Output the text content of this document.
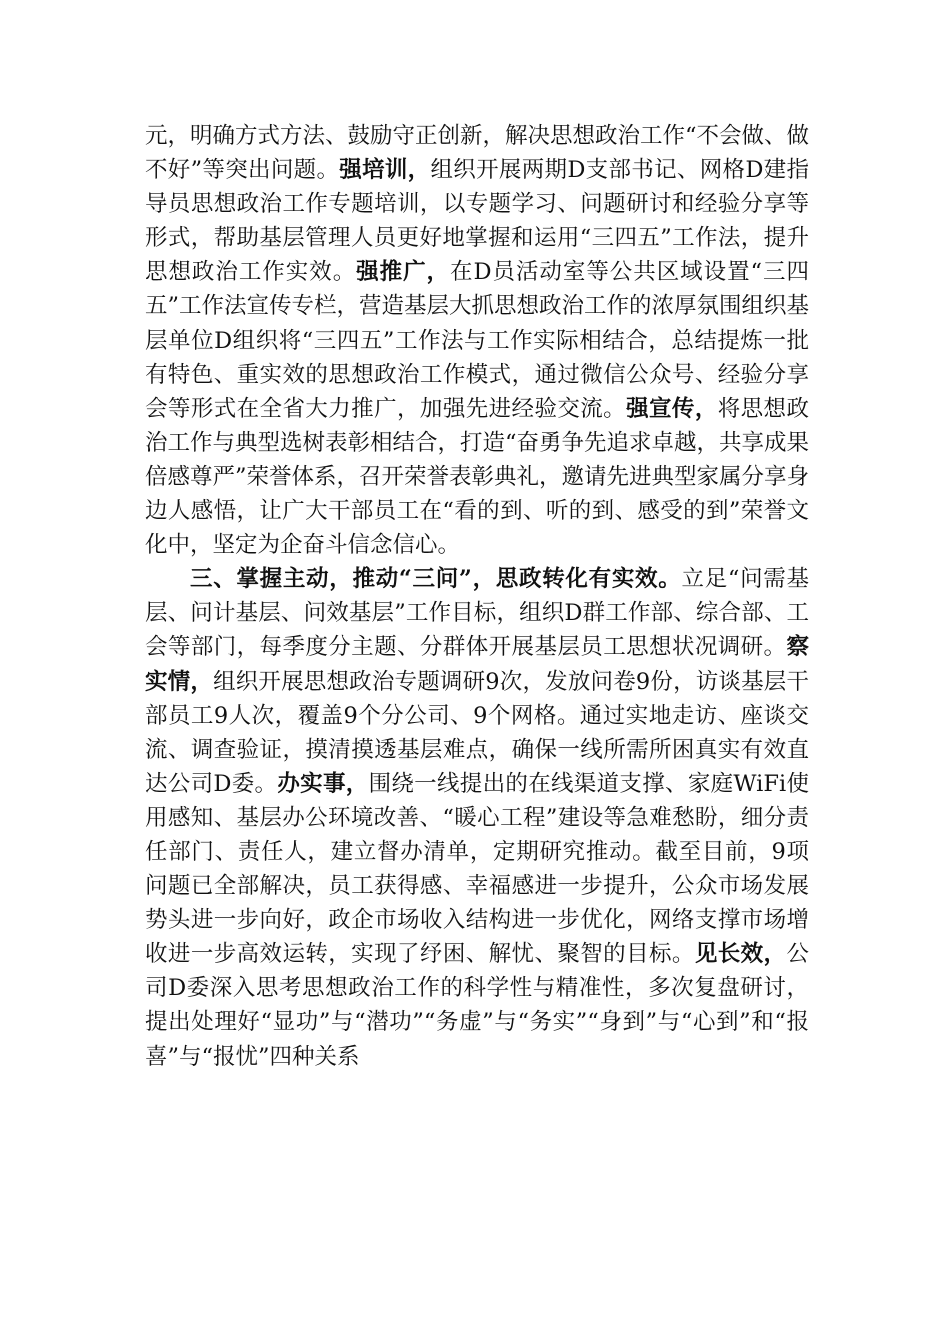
元，明确方式方法、鼓励守正创新，解决思想政治工作“不会做、做不好”等突出问题。强培训，组织开展两期D支部书记、网格D建指导员思想政治工作专题培训，以专题学习、问题研讨和经验分享等形式，帮助基层管理人员更好地掌握和运用“三四五”工作法，提升思想政治工作实效。强推广，在D员活动室等公共区域设置“三四五”工作法宣传专栏，营造基层大抓思想政治工作的浓厚氛围组织基层单位D组织将“三四五”工作法与工作实际相结合，总结提炼一批有特色、重实效的思想政治工作模式，通过微信公众号、经验分享会等形式在全省大力推广，加强先进经验交流。强宣传，将思想政治工作与典型选树表彰相结合，打造“奋勇争先追求卓越，共享成果倍感尊严”荣誉体系，召开荣誉表彰典礼，邀请先进典型家属分享身边人感悟，让广大干部员工在“看的到、听的到、感受的到”荣誉文化中，坚定为企奋斗信念信心。

三、掌握主动，推动“三问”，思政转化有实效。立足“问需基层、问计基层、问效基层”工作目标，组织D群工作部、综合部、工会等部门，每季度分主题、分群体开展基层员工思想状况调研。察实情，组织开展思想政治专题调研9次，发放问卷9份，访谈基层干部员工9人次，覆盖9个分公司、9个网格。通过实地走访、座谈交流、调查验证，摸清摸透基层难点，确保一线所需所困真实有效直达公司D委。办实事，围绕一线提出的在线渠道支撑、家庭WiFi使用感知、基层办公环境改善、“暖心工程”建设等急难愁盼，细分责任部门、责任人，建立督办清单，定期研究推动。截至目前，9项问题已全部解决，员工获得感、幸福感进一步提升，公众市场发展势头进一步向好，政企市场收入结构进一步优化，网络支撑市场增收进一步高效运转，实现了纾困、解忧、聚智的目标。见长效，公司D委深入思考思想政治工作的科学性与精准性，多次复盘研讨，提出处理好“显功”与“潜功”“务虚”与“务实”“身到”与“心到”和“报喜”与“报忧”四种关系
